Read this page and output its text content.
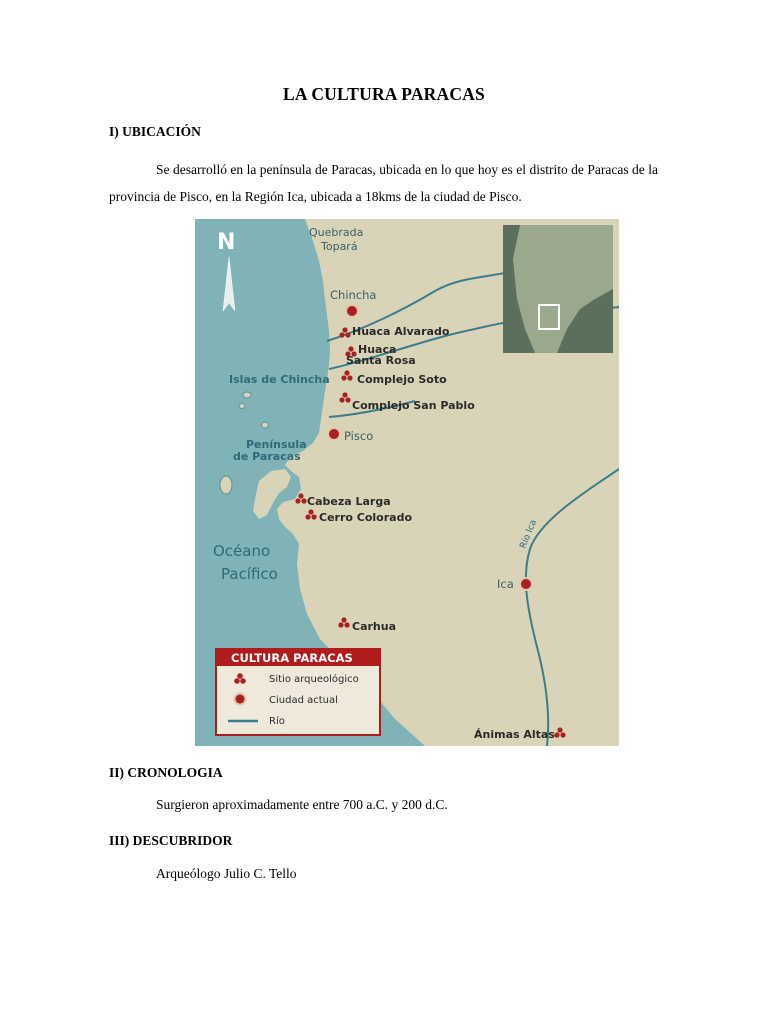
LA CULTURA PARACAS
I) UBICACIÓN

Se desarrolló en la península de Paracas, ubicada en lo que hoy es el distrito de Paracas de la provincia de Pisco, en la Región Ica, ubicada a 18kms de la ciudad de Pisco.

N	Quebrada
Topará
Chincha
Huaca Alvarado
Huaca
Santa Rosa
Complejo Soto
Complejo San Pablo
Islas de Chincha
Península
de Paracas
Pisco
Cabeza Larga
Cerro Colorado
Océano
Pacífico
Río Ica
Ica
Carhua
Ánimas Altas
CULTURA PARACAS
Sitio arqueológico
Ciudad actual
Río
II) CRONOLOGIA
Surgieron aproximadamente entre 700 a.C. y 200 d.C.
III) DESCUBRIDOR
Arqueólogo Julio C. Tello
